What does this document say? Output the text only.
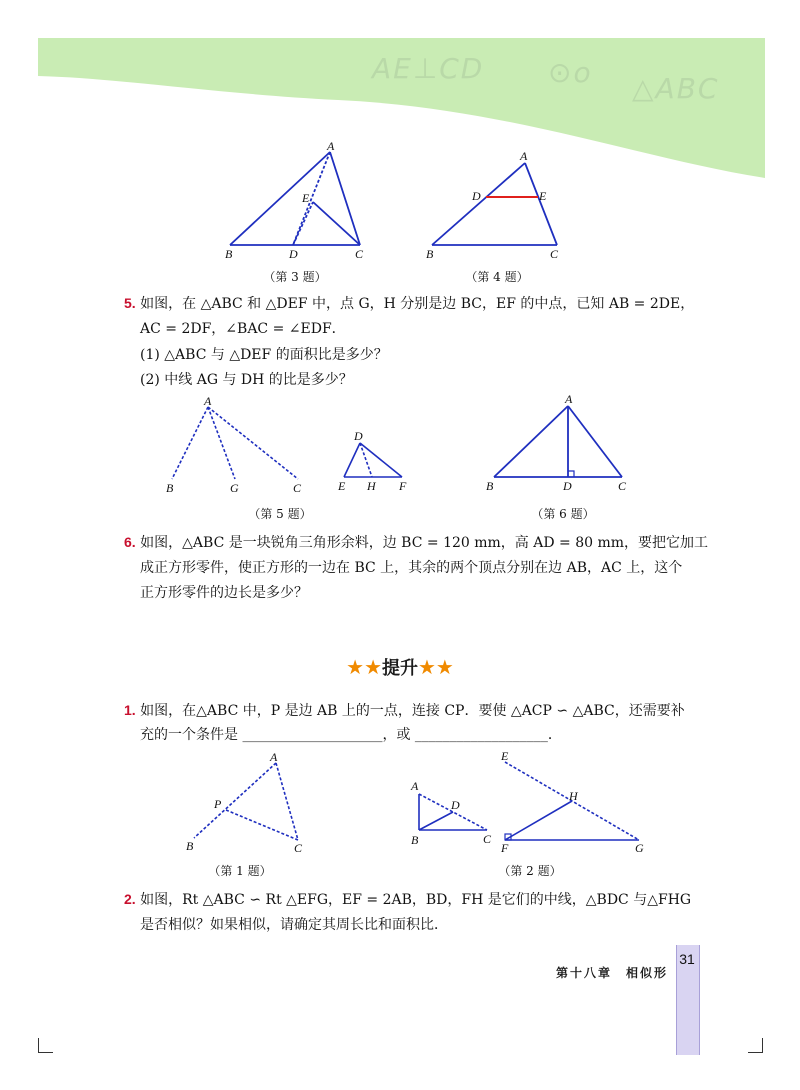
AE⊥CD ⊙o △ABC
A
E
B	D	C
（第 3 题）
A
D	E
B	C
（第 4 题）
5. 如图，在 △ABC 和 △DEF 中，点 G，H 分别是边 BC，EF 的中点，已知 AB = 2DE，
AC = 2DF，∠BAC = ∠EDF．
(1) △ABC 与 △DEF 的面积比是多少？
(2) 中线 AG 与 DH 的比是多少？
A
B	G	C
D
E H F
（第 5 题）
A
B	D	C
（第 6 题）
6. 如图，△ABC 是一块锐角三角形余料，边 BC = 120 mm，高 AD = 80 mm，要把它加工
成正方形零件，使正方形的一边在 BC 上，其余的两个顶点分别在边 AB，AC 上，这个
正方形零件的边长是多少？
★★提升★★
1. 如图，在△ABC 中，P 是边 AB 上的一点，连接 CP．要使 △ACP ∽ △ABC，还需要补
充的一个条件是 ____________________，或 ___________________．
A
P
B	C
（第 1 题）
A
D
B	C
E
H
F	G
（第 2 题）
2. 如图，Rt △ABC ∽ Rt △EFG，EF = 2AB，BD，FH 是它们的中线，△BDC 与△FHG
是否相似？如果相似，请确定其周长比和面积比．
31
第十八章　相似形
